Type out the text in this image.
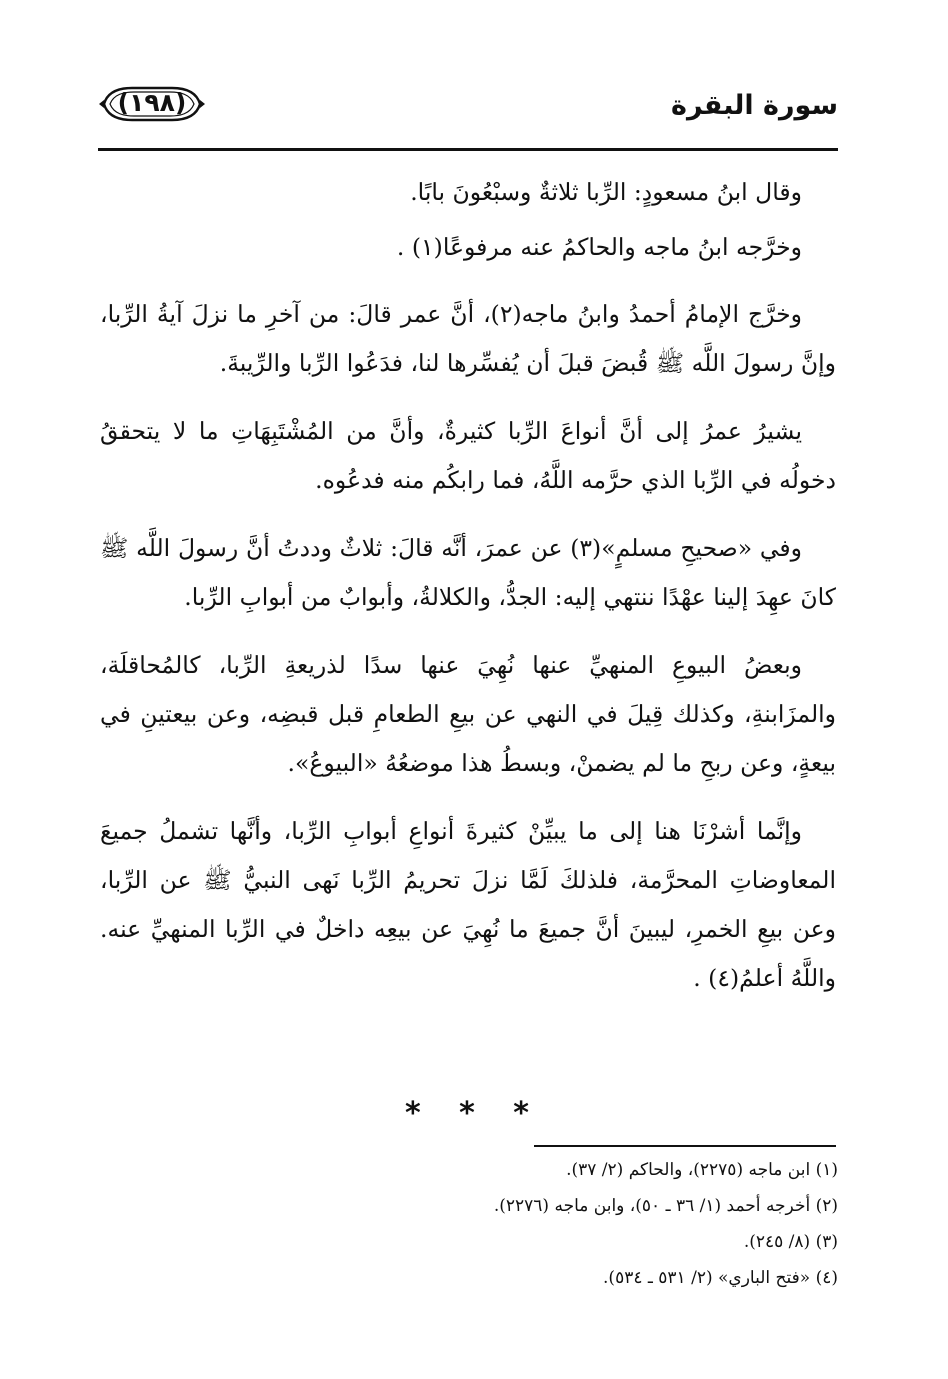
سورة البقرة
(١٩٨)

وقال ابنُ مسعودٍ: الرِّبا ثلاثةٌ وسبْعُونَ بابًا.

وخرَّجه ابنُ ماجه والحاكمُ عنه مرفوعًا(١) .

وخرَّج الإمامُ أحمدُ وابنُ ماجه(٢)، أنَّ عمر قالَ: من آخرِ ما نزلَ آيةُ الرِّبا، وإنَّ رسولَ اللَّه ﷺ قُبضَ قبلَ أن يُفسِّرها لنا، فدَعُوا الرِّبا والرِّيبةَ.

يشيرُ عمرُ إلى أنَّ أنواعَ الرِّبا كثيرةٌ، وأنَّ من المُشْتَبِهَاتِ ما لا يتحققُ دخولُه في الرِّبا الذي حرَّمه اللَّهُ، فما رابكُم منه فدعُوه.

وفي «صحيحِ مسلمٍ»(٣) عن عمرَ، أنَّه قالَ: ثلاثٌ وددتُ أنَّ رسولَ اللَّه ﷺ كانَ عهِدَ إلينا عهْدًا ننتهي إليه: الجدُّ، والكلالةُ، وأبوابٌ من أبوابِ الرِّبا.

وبعضُ البيوعِ المنهيِّ عنها نُهِيَ عنها سدًا لذريعةِ الرِّبا، كالمُحاقلَة، والمزَابنةِ، وكذلك قِيلَ في النهي عن بيعِ الطعامِ قبل قبضِه، وعن بيعتينِ في بيعةٍ، وعن ربحِ ما لم يضمنْ، وبسطُ هذا موضعُهُ «البيوعُ».

وإنَّما أشرْنَا هنا إلى ما يبيِّنْ كثيرةَ أنواعِ أبوابِ الرِّبا، وأنَّها تشملُ جميعَ المعاوضاتِ المحرَّمة، فلذلكَ لَمَّا نزلَ تحريمُ الرِّبا نَهى النبيُّ ﷺ عن الرِّبا، وعن بيعِ الخمرِ، ليبينَ أنَّ جميعَ ما نُهِيَ عن بيعِه داخلٌ في الرِّبا المنهيِّ عنه. واللَّهُ أعلمُ(٤) .

* * *

(١) ابن ماجه (٢٢٧٥)، والحاكم (٢/ ٣٧).

(٢) أخرجه أحمد (١/ ٣٦ ـ ٥٠)، وابن ماجه (٢٢٧٦).

(٣) (٨/ ٢٤٥).

(٤) «فتح الباري» (٢/ ٥٣١ ـ ٥٣٤).
